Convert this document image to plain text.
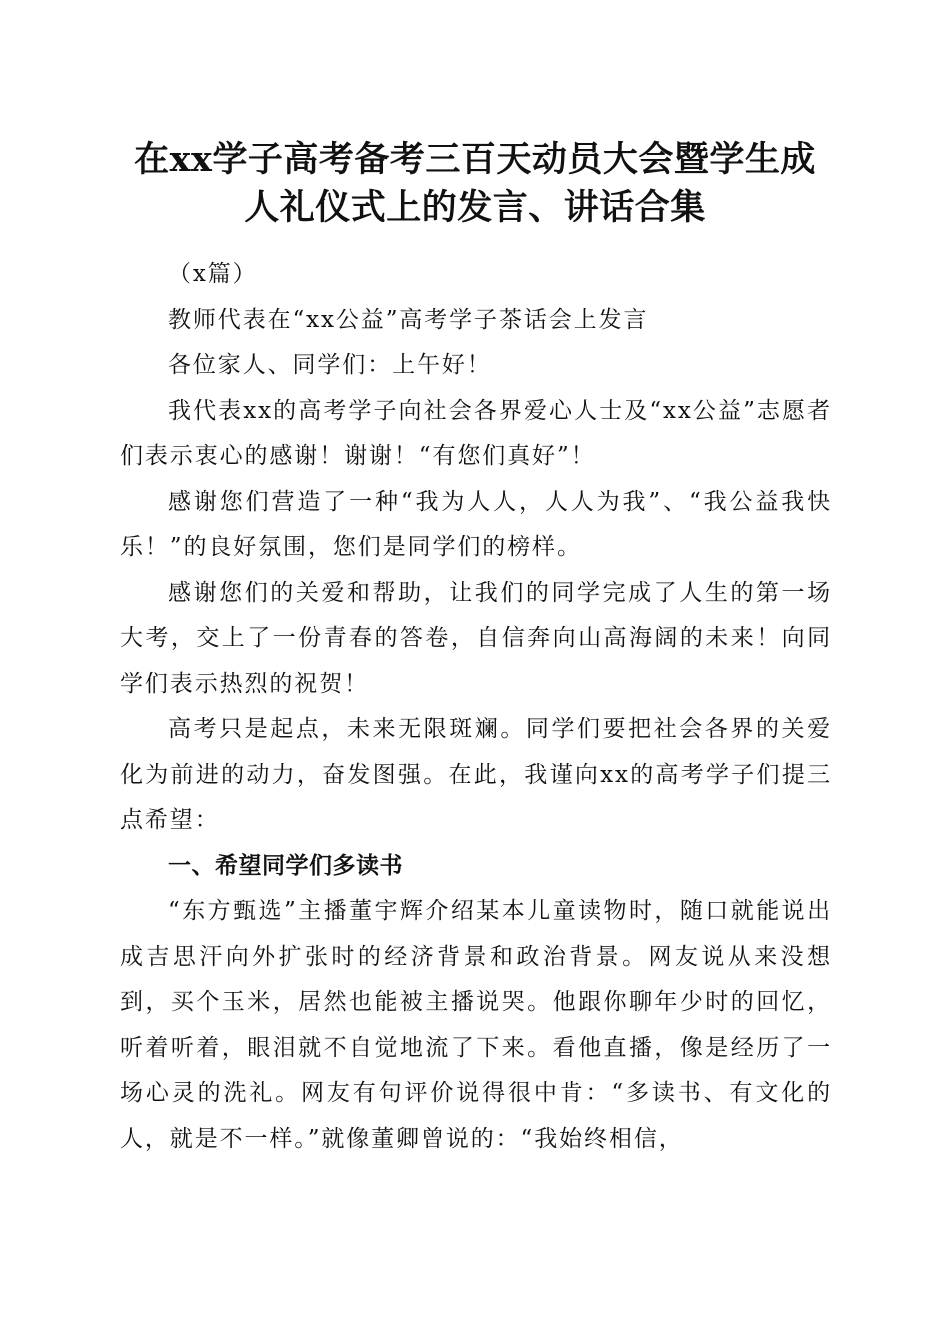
在xx学子高考备考三百天动员大会暨学生成
人礼仪式上的发言、讲话合集

（x篇）

教师代表在“xx公益”高考学子茶话会上发言

各位家人、同学们：上午好！

我代表xx的高考学子向社会各界爱心人士及“xx公益”志愿者们表示衷心的感谢！谢谢！“有您们真好”！

感谢您们营造了一种“我为人人，人人为我”、“我公益我快乐！”的良好氛围，您们是同学们的榜样。

感谢您们的关爱和帮助，让我们的同学完成了人生的第一场大考，交上了一份青春的答卷，自信奔向山高海阔的未来！向同学们表示热烈的祝贺！

高考只是起点，未来无限斑斓。同学们要把社会各界的关爱化为前进的动力，奋发图强。在此，我谨向xx的高考学子们提三点希望：

一、希望同学们多读书

“东方甄选”主播董宇辉介绍某本儿童读物时，随口就能说出成吉思汗向外扩张时的经济背景和政治背景。网友说从来没想到，买个玉米，居然也能被主播说哭。他跟你聊年少时的回忆，听着听着，眼泪就不自觉地流了下来。看他直播，像是经历了一场心灵的洗礼。网友有句评价说得很中肯：“多读书、有文化的人，就是不一样。”就像董卿曾说的：“我始终相信，
